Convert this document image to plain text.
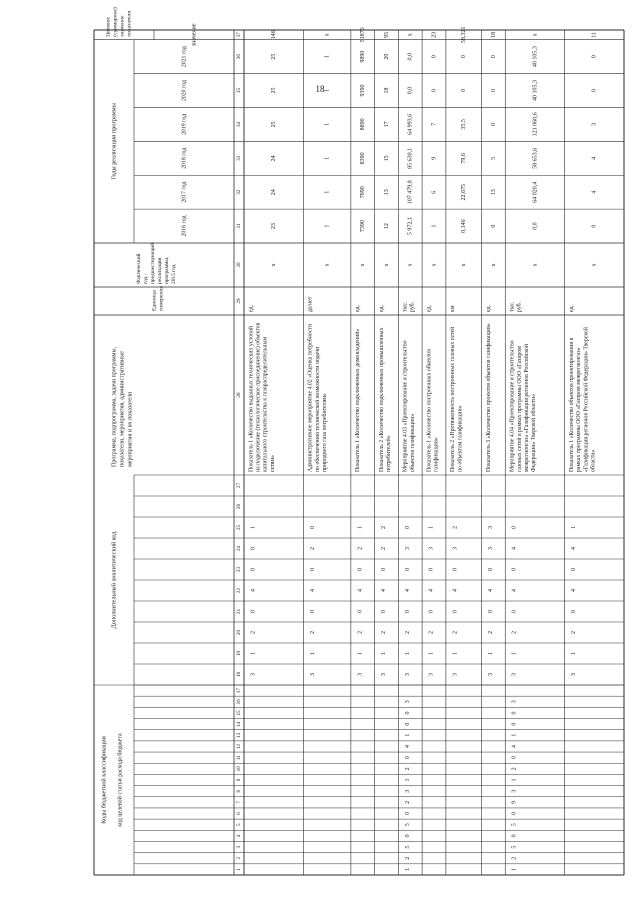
18
Коды бюджетной классификации код целевой статьи расхода бюджета
Дополнительный аналитический код
Программа, подпрограмма, задачи программы, показатели, мероприятия, административные мероприятия и их показатели
Единица измерения
Фактический год - предшествующий реализации программы, 2015 год
Годы реализации программы
Целевое (суммарное) значение показателя	значение
2016 год
2017 год
2018 год
2019 год
2020 год
2021 год
1
2
3
4
5
6
7
8
9
10
11
12
13
14
15
16
17
18
19
20
21
22
23
24
25
26
27
28
29
30
31
32
33
34
35
36
37
3
1
2
0
4
0
0
1
Показатель 1 «Количество выданных технических условий на подключение (технологическое присоединение) объектов капитального строительства к газораспределительным сетям»
ед.
х
23
24
24
25
25
25
146
3
1
2
0
4
0
2
0
Административное мероприятие 4.02 «Оценка потребности по обеспечению технической возможности подачи природного газа потребителям»
да/нет
х
1
1
1
1
1
1
х
3
1
2
0
4
0
2
1
Показатель 1 «Количество подключенных домовладений»
ед.
х
7390
7890
8390
8890
9390
9890
51876
3
1
2
0
4
0
2
2
Показатель 2 «Количество подключенных промышленных потребителей»
ед.
х
12
13
15
17
18
20
95
1
2
5
0
5
0
2
3
1
2
0
4
1
0
0
3
3
1
2
0
4
0
3
0
Мероприятие 4.03 «Проектирование и строительство объектов газификации»
тыс. руб.
х
5 972,1
107 479,8
85 630,1
64 993,6
0,0
0,0
х
3
1
2
0
4
0
3
1
Показатель 1 «Количество построенных объектов газификации»
ед.
х
1
6
9
7
0
0
23
3
1
2
0
4
0
3
2
Показатель 2 «Протяженность построенных газовых сетей по объектам газификации»
км
х
0,146
22,675
79,6
35,5
0
0
58,321
3
1
2
0
4
0
3
3
Показатель 3 «Количество проектов объектов газификации»
ед.
х
0
13
5
0
0
0
18
1
2
5
0
5
0
9
3
1
2
0
4
1
0
0
3
3
1
2
0
4
0
4
0
Мероприятие 4.04 «Проектирование и строительство газовых сетей в рамках программы ООО «Газпром межрегионгаз» «Газификация регионов Российской Федерации» Тверской области»
тыс. руб.
х
0,0
64 020,4
58 653,6
121 060,6
40 105,3
40 105,3
х
3
1
2
0
4
0
4
1
Показатель 1 «Количество объектов проектирования в рамках программы ООО «Газпром межрегионгаз» «Газификация регионов Российской Федерации» Тверской области»
ед.
х
0
4
4
3
0
0
11
